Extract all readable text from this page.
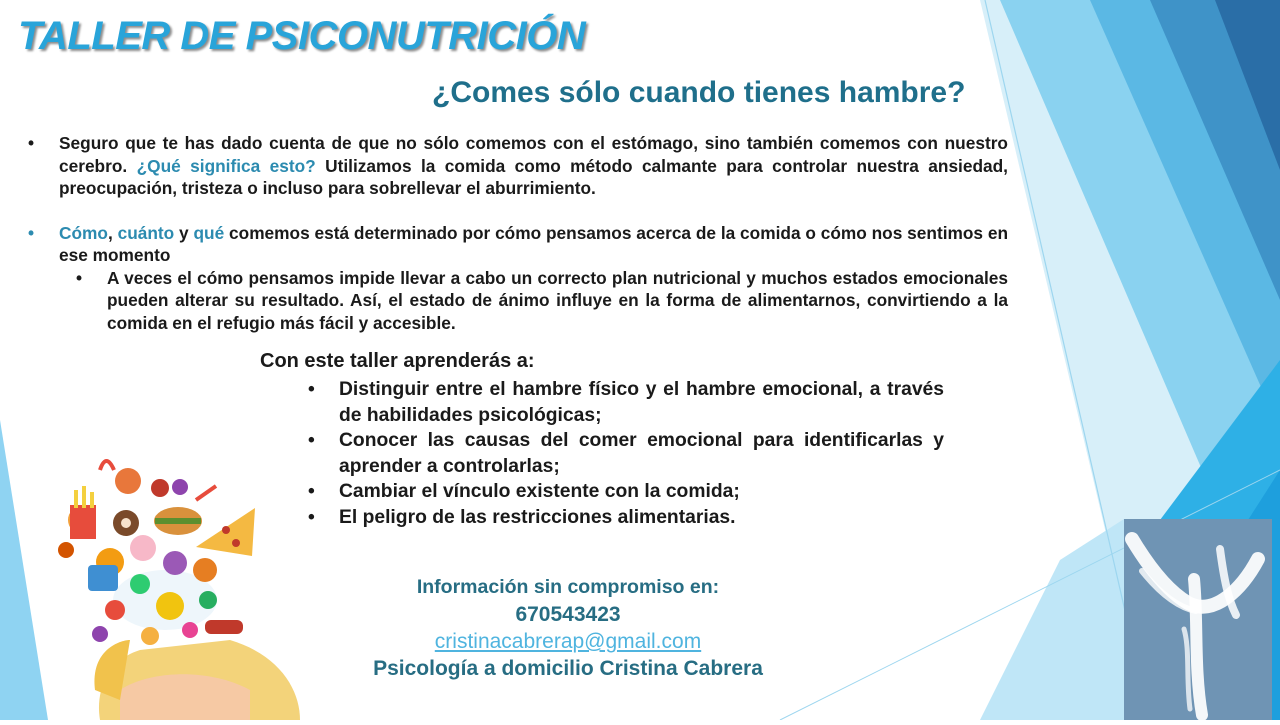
TALLER DE PSICONUTRICIÓN
¿Comes sólo cuando tienes hambre?

• Seguro que te has dado cuenta de que no sólo comemos con el estómago, sino también comemos con nuestro cerebro. ¿Qué significa esto? Utilizamos la comida como método calmante para controlar nuestra ansiedad, preocupación, tristeza o incluso para sobrellevar el aburrimiento.

• Cómo, cuánto y qué comemos está determinado por cómo pensamos acerca de la comida o cómo nos sentimos en ese momento

• A veces el cómo pensamos impide llevar a cabo un correcto plan nutricional y muchos estados emocionales pueden alterar su resultado. Así, el estado de ánimo influye en la forma de alimentarnos, convirtiendo a la comida en el refugio más fácil y accesible.

Con este taller aprenderás a:

• Distinguir entre el hambre físico y el hambre emocional, a través de habilidades psicológicas;
• Conocer las causas del comer emocional para identificarlas y aprender a controlarlas;
• Cambiar el vínculo existente con la comida;
• El peligro de las restricciones alimentarias.

Información sin compromiso en:

670543423

cristinacabrerap@gmail.com

Psicología a domicilio Cristina Cabrera
